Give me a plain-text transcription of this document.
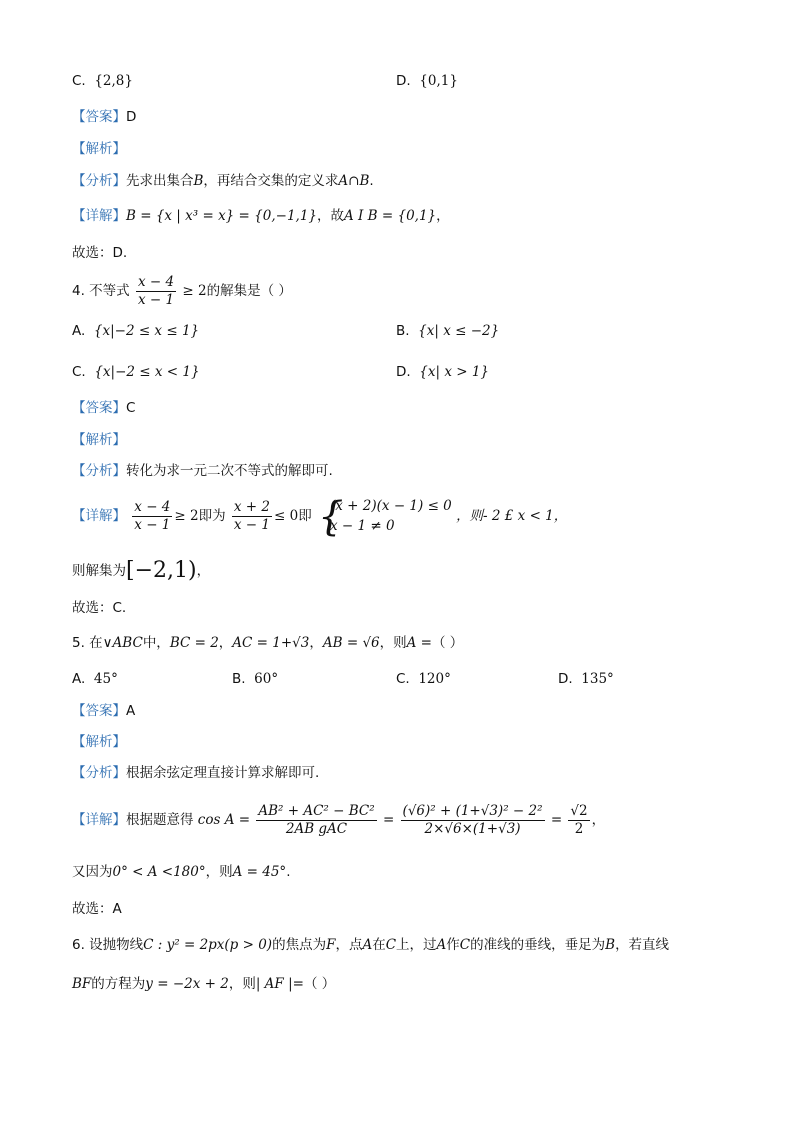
C. {2,8}	D. {0,1}
【答案】D
【解析】
【分析】先求出集合B，再结合交集的定义求A∩B.
【详解】B = {x | x³ = x} = {0,−1,1}，故A I B = {0,1}，
故选：D.
4. 不等式 $\frac{x - 4}{x - 1} \ge 2$的解集是（ ）
A. {x|−2 ≤ x ≤ 1}	B. {x| x ≤ −2}
C. {x|−2 ≤ x < 1}	D. {x| x > 1}
【答案】C
【解析】
【分析】转化为求一元二次不等式的解即可.
【详解】 $\frac{x - 4}{x - 1} \ge 2$即为 $\frac{x + 2}{x - 1} \le 0$即 {
(x + 2)(x − 1) ≤ 0
x − 1 ≠ 0
，则- 2 £ x < 1，
则解集为[−2,1)，
故选：C.
5. 在∨ABC中，BC = 2，AC = 1+√3，AB = √6，则A =（ ）
A. 45°	B. 60°	C. 120°	D. 135°
【答案】A
【解析】
【分析】根据余弦定理直接计算求解即可.
【详解】根据题意得 $\cos A = \frac{\text{AB² + AC² − BC²}}{\text{2AB gAC}} = \frac{\text{(√6)² + (1+√3)² − 2²}}{2\times√6\times(1+√3)} = \frac{√2}{2}$ ，
又因为0° < A <180°，则A = 45°.
故选：A
6. 设抛物线C : y² = 2px(p > 0)的焦点为F，点A在C上，过A作C的准线的垂线，垂足为B，若直线
BF的方程为y = −2x + 2，则| AF |=（ ）
